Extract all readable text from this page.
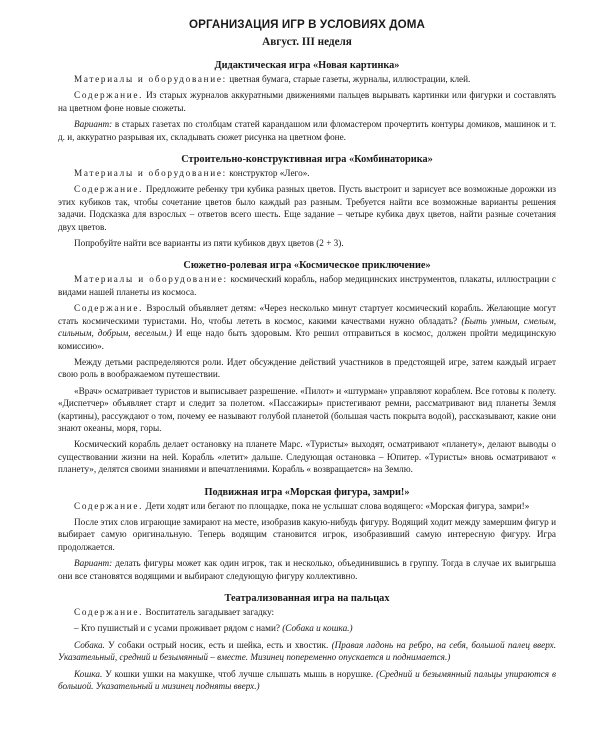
ОРГАНИЗАЦИЯ ИГР В УСЛОВИЯХ ДОМА
Август. III неделя
Дидактическая игра «Новая картинка»

Материалы и оборудование: цветная бумага, старые газеты, журналы, иллюстрации, клей.

Содержание. Из старых журналов аккуратными движениями пальцев вырывать картинки или фигурки и составлять на цветном фоне новые сюжеты.

Вариант: в старых газетах по столбцам статей карандашом или фломастером прочертить контуры домиков, машинок и т. д. и, аккуратно разрывая их, складывать сюжет рисунка на цветном фоне.

Строительно-конструктивная игра «Комбинаторика»

Материалы и оборудование: конструктор «Лего».

Содержание. Предложите ребенку три кубика разных цветов. Пусть выстроит и зарисует все возможные дорожки из этих кубиков так, чтобы сочетание цветов было каждый раз разным. Требуется найти все возможные варианты решения задачи. Подсказка для взрослых – ответов всего шесть. Еще задание – четыре кубика двух цветов, найти разные сочетания двух цветов.

Попробуйте найти все варианты из пяти кубиков двух цветов (2 + 3).

Сюжетно-ролевая игра «Космическое приключение»

Материалы и оборудование: космический корабль, набор медицинских инструментов, плакаты, иллюстрации с видами нашей планеты из космоса.

Содержание. Взрослый объявляет детям: «Через несколько минут стартует космический корабль. Желающие могут стать космическими туристами. Но, чтобы лететь в космос, какими качествами нужно обладать? (Быть умным, смелым, сильным, добрым, веселым.) И еще надо быть здоровым. Кто решил отправиться в космос, должен пройти медицинскую комиссию».

Между детьми распределяются роли. Идет обсуждение действий участников в предстоящей игре, затем каждый играет свою роль в воображаемом путешествии.

«Врач» осматривает туристов и выписывает разрешение. «Пилот» и «штурман» управляют кораблем. Все готовы к полету. «Диспетчер» объявляет старт и следит за полетом. «Пассажиры» пристегивают ремни, рассматривают вид планеты Земля (картины), рассуждают о том, почему ее называют голубой планетой (большая часть покрыта водой), рассказывают, какие они знают океаны, моря, горы.

Космический корабль делает остановку на планете Марс. «Туристы» выходят, осматривают «планету», делают выводы о существовании жизни на ней. Корабль «летит» дальше. Следующая остановка – Юпитер. «Туристы» вновь осматривают « планету», делятся своими знаниями и впечатлениями. Корабль « возвращается» на Землю.

Подвижная игра «Морская фигура, замри!»

Содержание. Дети ходят или бегают по площадке, пока не услышат слова водящего: «Морская фигура, замри!»

После этих слов играющие замирают на месте, изобразив какую-нибудь фигуру. Водящий ходит между замершим фигур и выбирает самую оригинальную. Теперь водящим становится игрок, изобразивший самую интересную фигуру. Игра продолжается.

Вариант: делать фигуры может как один игрок, так и несколько, объединившись в группу. Тогда в случае их выигрыша они все становятся водящими и выбирают следующую фигуру коллективно.

Театрализованная игра на пальцах

Содержание. Воспитатель загадывает загадку:

– Кто пушистый и с усами проживает рядом с нами? (Собака и кошка.)

Собака. У собаки острый носик, есть и шейка, есть и хвостик. (Правая ладонь на ребро, на себя, большой палец вверх. Указательный, средний и безымянный – вместе. Мизинец попеременно опускается и поднимается.)

Кошка. У кошки ушки на макушке, чтоб лучше слышать мышь в норушке. (Средний и безымянный пальцы упираются в большой. Указательный и мизинец подняты вверх.)
